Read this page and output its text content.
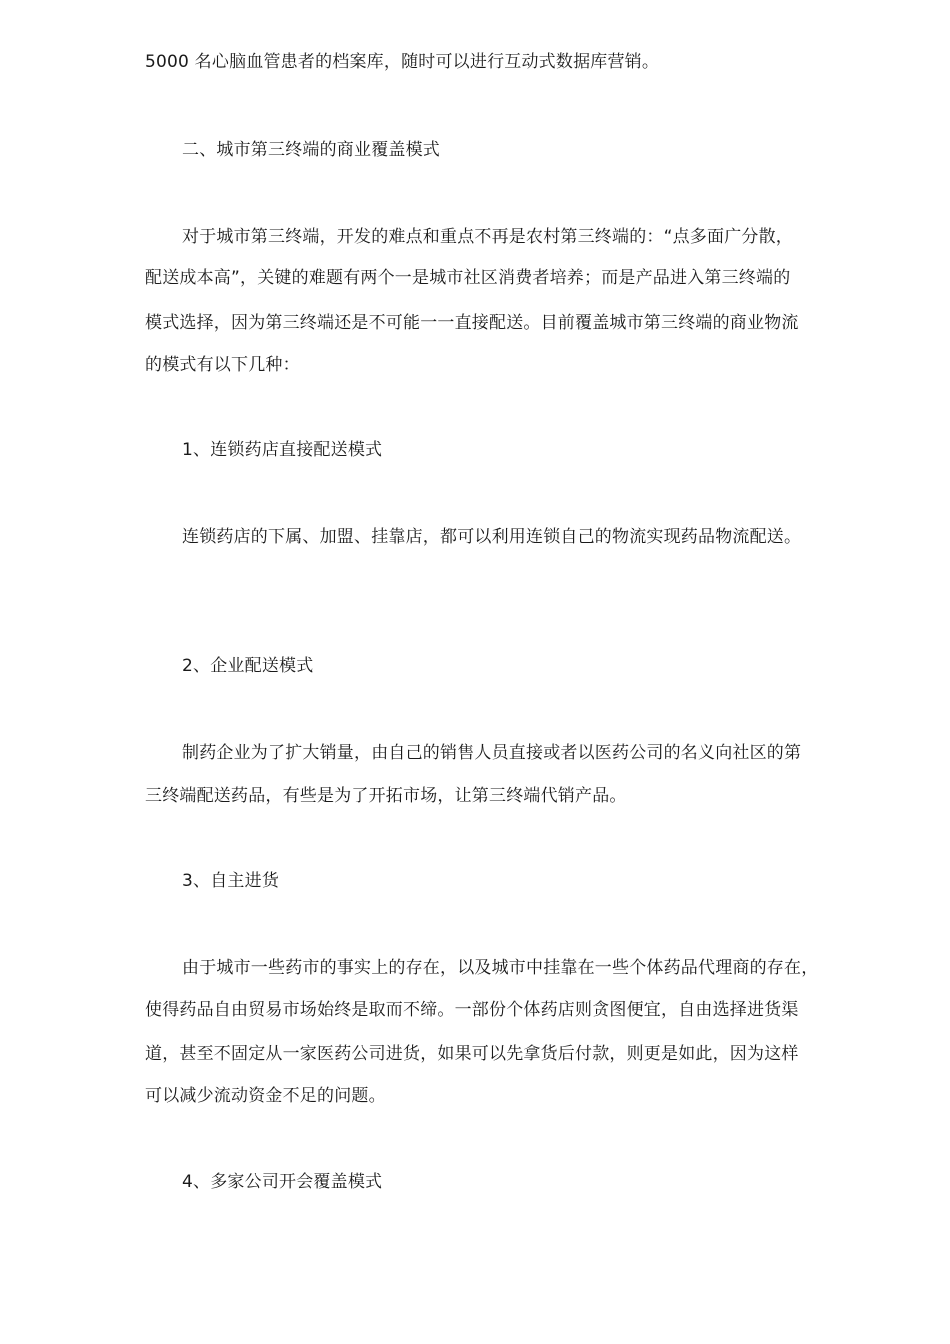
5000 名心脑血管患者的档案库，随时可以进行互动式数据库营销。
二、城市第三终端的商业覆盖模式
对于城市第三终端，开发的难点和重点不再是农村第三终端的：“点多面广分散，
配送成本高”，关键的难题有两个一是城市社区消费者培养；而是产品进入第三终端的
模式选择，因为第三终端还是不可能一一直接配送。目前覆盖城市第三终端的商业物流
的模式有以下几种：
1、连锁药店直接配送模式
连锁药店的下属、加盟、挂靠店，都可以利用连锁自己的物流实现药品物流配送。
2、企业配送模式
制药企业为了扩大销量，由自己的销售人员直接或者以医药公司的名义向社区的第
三终端配送药品，有些是为了开拓市场，让第三终端代销产品。
3、自主进货
由于城市一些药市的事实上的存在，以及城市中挂靠在一些个体药品代理商的存在，
使得药品自由贸易市场始终是取而不缔。一部份个体药店则贪图便宜，自由选择进货渠
道，甚至不固定从一家医药公司进货，如果可以先拿货后付款，则更是如此，因为这样
可以减少流动资金不足的问题。
4、多家公司开会覆盖模式
